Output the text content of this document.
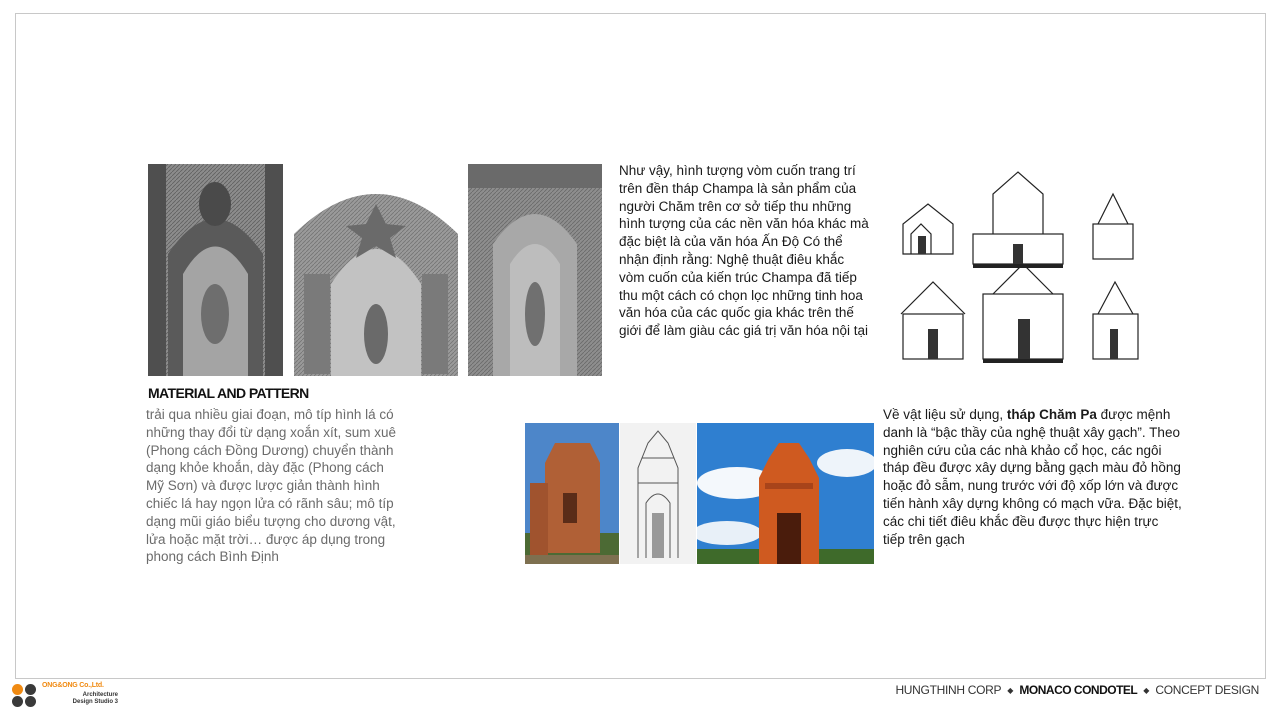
Như vậy, hình tượng vòm cuốn trang trí trên đền tháp Champa là sản phẩm của người Chăm trên cơ sở tiếp thu những hình tượng của các nền văn hóa khác mà đặc biệt là của văn hóa Ấn Độ Có thể nhận định rằng: Nghệ thuật điêu khắc vòm cuốn của kiến trúc Champa đã tiếp thu một cách có chọn lọc những tinh hoa văn hóa của các quốc gia khác trên thế giới để làm giàu các giá trị văn hóa nội tại
MATERIAL AND PATTERN
trải qua nhiều giai đoạn, mô típ hình lá có những thay đổi từ dạng xoắn xít, sum xuê (Phong cách Đồng Dương) chuyển thành dạng khỏe khoắn, dày đặc (Phong cách Mỹ Sơn) và được lược giản thành hình chiếc lá hay ngọn lửa có rãnh sâu; mô típ dạng mũi giáo biểu tượng cho dương vật, lửa hoặc mặt trời… được áp dụng trong phong cách Bình Định
Về vật liệu sử dụng, tháp Chăm Pa được mệnh danh là “bậc thầy của nghệ thuật xây gạch”. Theo nghiên cứu của các nhà khảo cổ học, các ngôi tháp đều được xây dựng bằng gạch màu đỏ hồng hoặc đỏ sẫm, nung trước với độ xốp lớn và được tiến hành xây dựng không có mạch vữa. Đặc biệt, các chi tiết điêu khắc đều được thực hiện trực tiếp trên gạch
ONG&ONG Co.,Ltd.
Architecture
Design Studio 3
HUNGTHINH CORP ◆ MONACO CONDOTEL ◆ CONCEPT DESIGN
